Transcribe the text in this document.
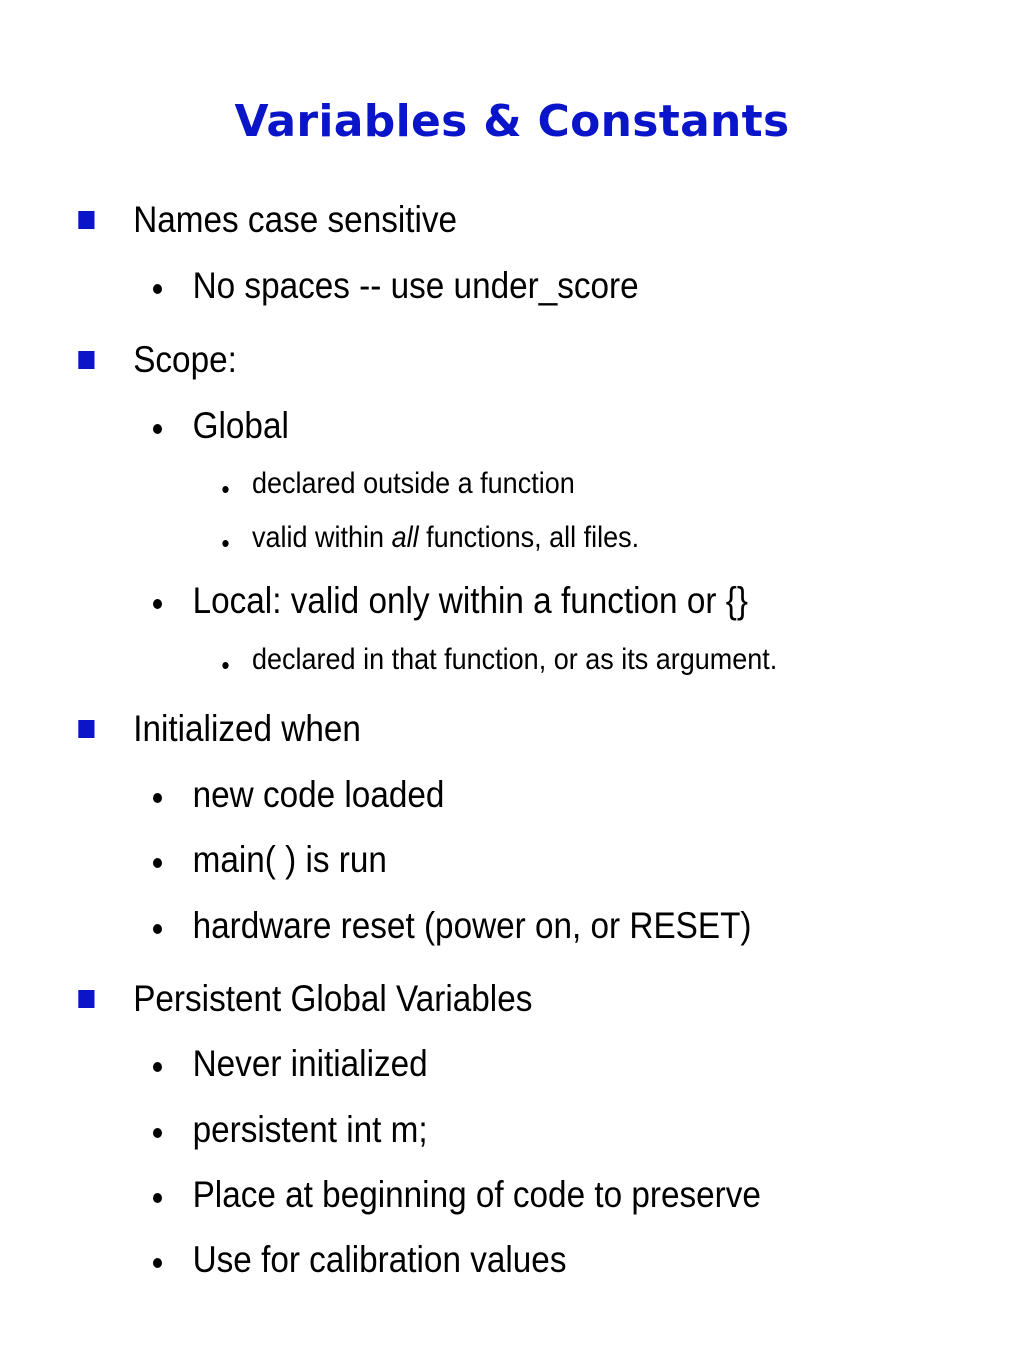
Variables & Constants
Names case sensitive
No spaces -- use under_score
Scope:
Global
• declared outside a function
• valid within all functions, all files.
Local: valid only within a function or {}
• declared in that function, or as its argument.
Initialized when
new code loaded
main( ) is run
hardware reset (power on, or RESET)
Persistent Global Variables
Never initialized
persistent int m;
Place at beginning of code to preserve
Use for calibration values
